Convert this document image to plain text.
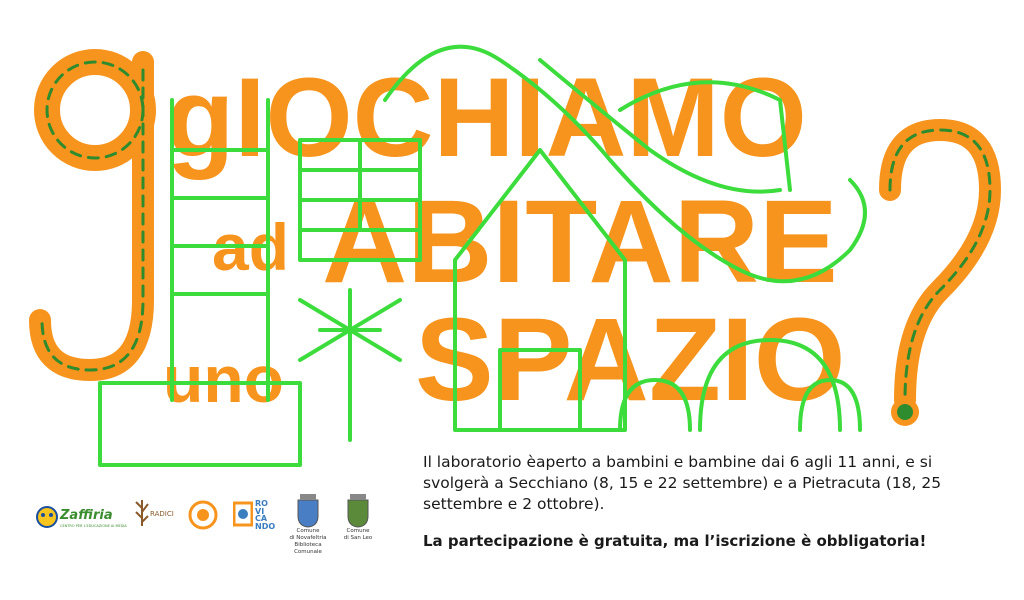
gIOCHIAMO
ad ABITARE
uno SPAZIO

Il laboratorio èaperto a bambini e bambine dai 6 agli 11 anni, e si svolgerà a Secchiano (8, 15 e 22 settembre) e a Pietracuta (18, 25 settembre e 2 ottobre).

La partecipazione è gratuita, ma l’iscrizione è obbligatoria!

Zaffiria
CENTRO PER L'EDUCAZIONE AI MEDIA
RADICI
RO
VI
CA
NDO
Comune
di Novafeltria
Biblioteca
Comunale
Comune
di San Leo
